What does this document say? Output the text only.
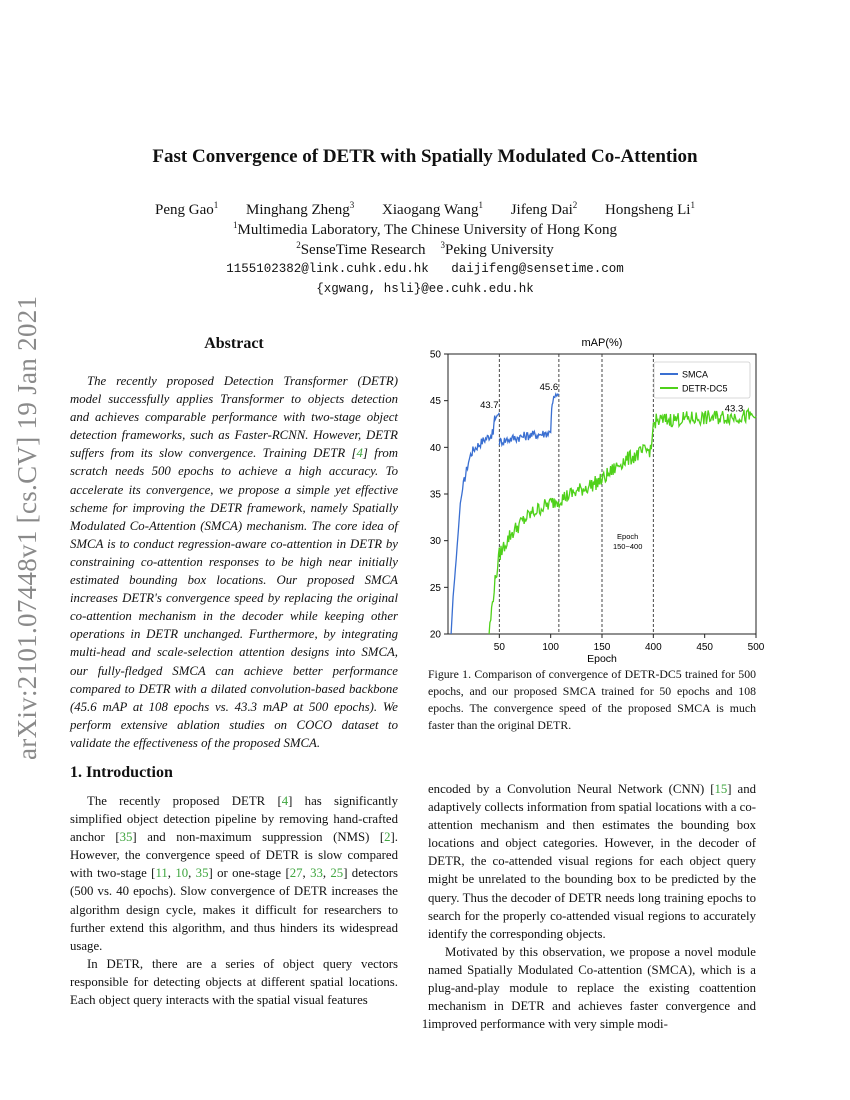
arXiv:2101.07448v1 [cs.CV] 19 Jan 2021
Fast Convergence of DETR with Spatially Modulated Co-Attention
Peng Gao$^1$ Minghang Zheng$^3$ Xiaogang Wang$^1$ Jifeng Dai$^2$ Hongsheng Li$^1$
$^1$Multimedia Laboratory, The Chinese University of Hong Kong
$^2$SenseTime Research $^3$Peking University
1155102382@link.cuhk.edu.hk   daijifeng@sensetime.com
{xgwang, hsli}@ee.cuhk.edu.hk
Abstract
The recently proposed Detection Transformer (DETR) model successfully applies Transformer to objects detection and achieves comparable performance with two-stage object detection frameworks, such as Faster-RCNN. However, DETR suffers from its slow convergence. Training DETR [4] from scratch needs 500 epochs to achieve a high accuracy. To accelerate its convergence, we propose a simple yet effective scheme for improving the DETR framework, namely Spatially Modulated Co-Attention (SMCA) mechanism. The core idea of SMCA is to conduct regression-aware co-attention in DETR by constraining co-attention responses to be high near initially estimated bounding box locations. Our proposed SMCA increases DETR's convergence speed by replacing the original co-attention mechanism in the decoder while keeping other operations in DETR unchanged. Furthermore, by integrating multi-head and scale-selection attention designs into SMCA, our fully-fledged SMCA can achieve better performance compared to DETR with a dilated convolution-based backbone (45.6 mAP at 108 epochs vs. 43.3 mAP at 500 epochs). We perform extensive ablation studies on COCO dataset to validate the effectiveness of the proposed SMCA.
mAP(%)
20
25
30
35
40
45
50
50	100	150	400	450	500
Epoch
Epoch
150~400
43.7
45.6
43.3
SMCA
DETR-DC5
Figure 1. Comparison of convergence of DETR-DC5 trained for 500 epochs, and our proposed SMCA trained for 50 epochs and 108 epochs. The convergence speed of the proposed SMCA is much faster than the original DETR.
1. Introduction

The recently proposed DETR [4] has significantly simplified object detection pipeline by removing hand-crafted anchor [35] and non-maximum suppression (NMS) [2]. However, the convergence speed of DETR is slow compared with two-stage [11, 10, 35] or one-stage [27, 33, 25] detectors (500 vs. 40 epochs). Slow convergence of DETR increases the algorithm design cycle, makes it difficult for researchers to further extend this algorithm, and thus hinders its widespread usage.

In DETR, there are a series of object query vectors responsible for detecting objects at different spatial locations. Each object query interacts with the spatial visual features

encoded by a Convolution Neural Network (CNN) [15] and adaptively collects information from spatial locations with a co-attention mechanism and then estimates the bounding box locations and object categories. However, in the decoder of DETR, the co-attended visual regions for each object query might be unrelated to the bounding box to be predicted by the query. Thus the decoder of DETR needs long training epochs to search for the properly co-attended visual regions to accurately identify the corresponding objects.

Motivated by this observation, we propose a novel module named Spatially Modulated Co-attention (SMCA), which is a plug-and-play module to replace the existing coattention mechanism in DETR and achieves faster convergence and improved performance with very simple modi-

1
